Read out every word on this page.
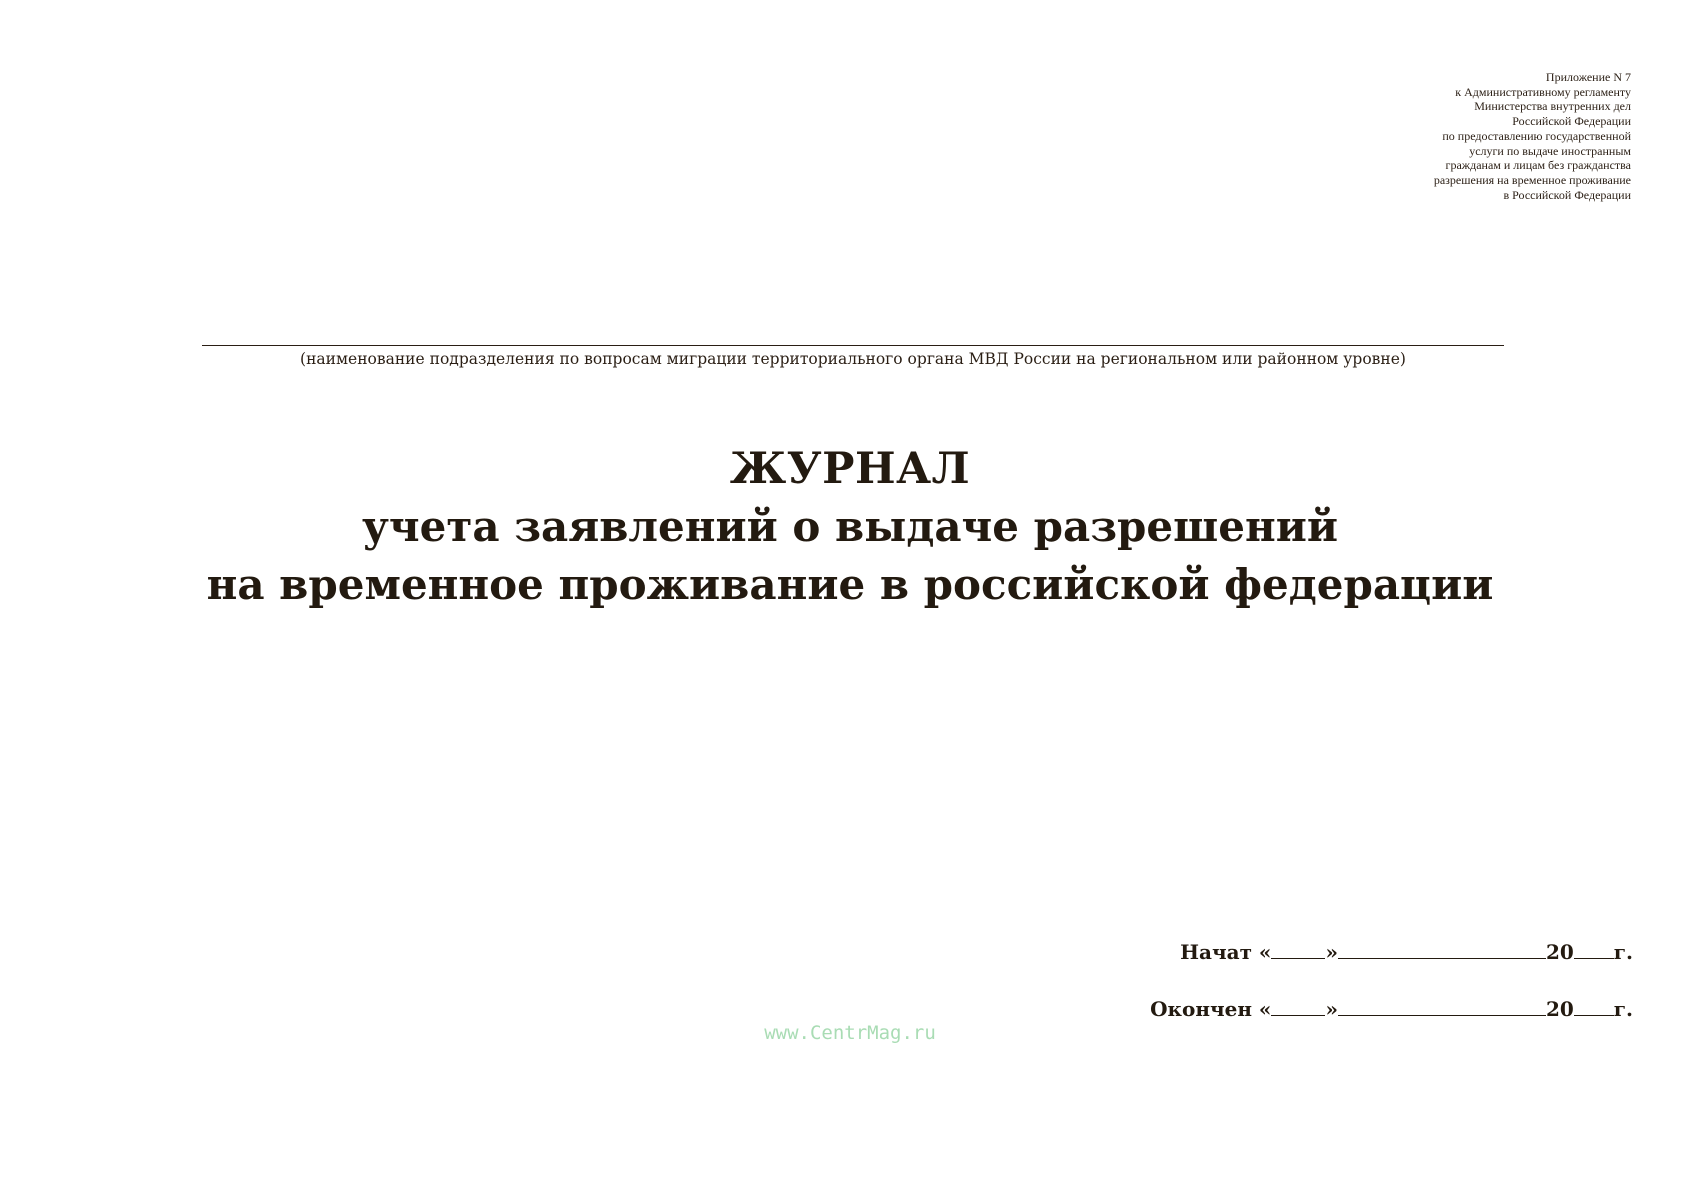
Приложение N 7
к Административному регламенту
Министерства внутренних дел
Российской Федерации
по предоставлению государственной
услуги по выдаче иностранным
гражданам и лицам без гражданства
разрешения на временное проживание
в Российской Федерации
(наименование подразделения по вопросам миграции территориального органа МВД России на региональном или районном уровне)
ЖУРНАЛ
учета заявлений о выдаче разрешений
на временное проживание в российской федерации
Начат «	»	20 г.
Окончен «	»	20 г.
www.CentrMag.ru
